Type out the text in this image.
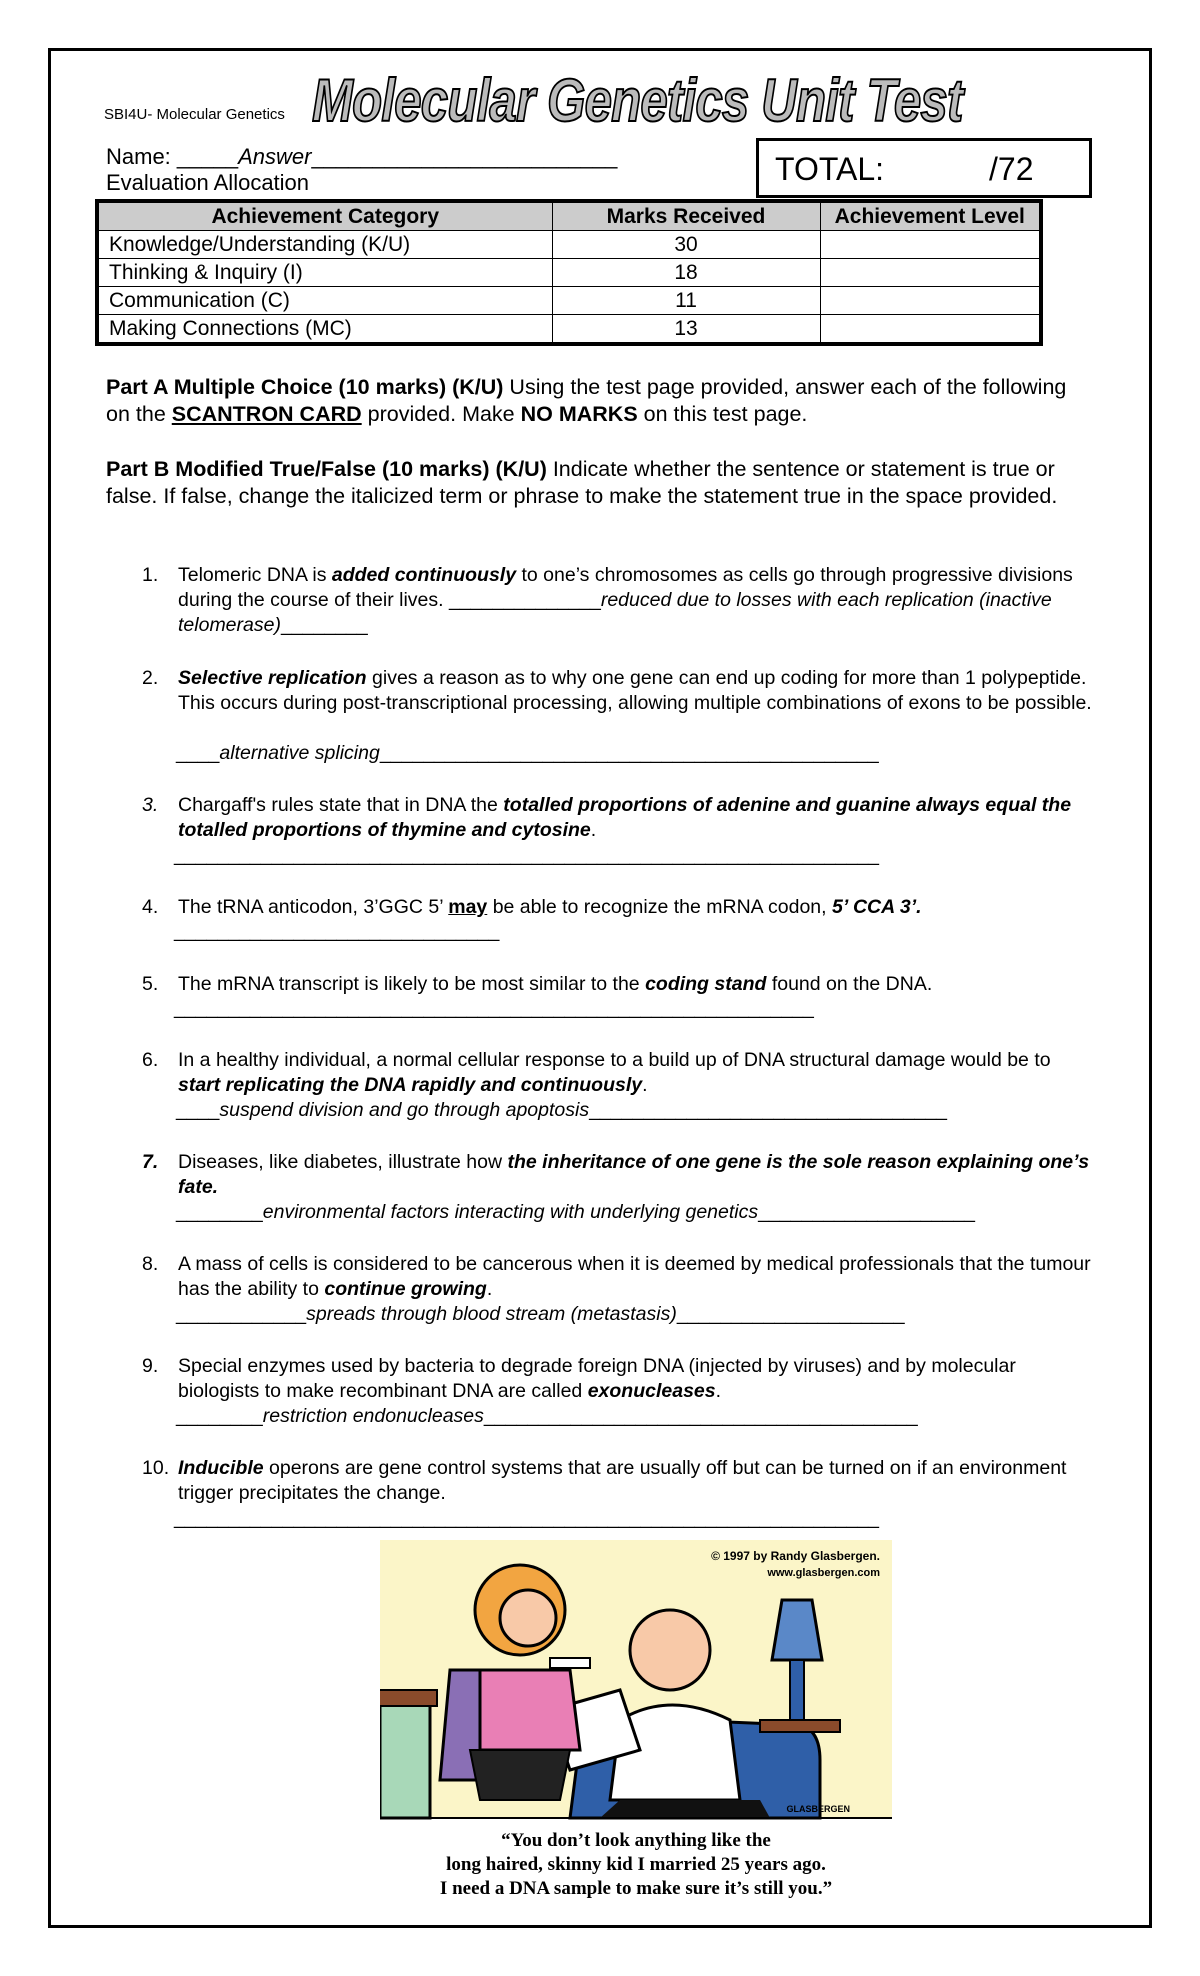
SBI4U- Molecular Genetics Molecular Genetics Unit Test
Name: _____Answer_________________________
Evaluation Allocation	TOTAL:	/72
Achievement Category	Marks Received	Achievement Level
Knowledge/Understanding (K/U)	30	
Thinking & Inquiry (I)	18	
Communication (C)	11	
Making Connections (MC)	13	
Part A Multiple Choice (10 marks) (K/U) Using the test page provided, answer each of the following on the SCANTRON CARD provided. Make NO MARKS on this test page.
Part B Modified True/False (10 marks) (K/U) Indicate whether the sentence or statement is true or false. If false, change the italicized term or phrase to make the statement true in the space provided.
1.	Telomeric DNA is added continuously to one’s chromosomes as cells go through progressive divisions during the course of their lives. ______________reduced due to losses with each replication (inactive telomerase)________
2.	Selective replication gives a reason as to why one gene can end up coding for more than 1 polypeptide. This occurs during post-transcriptional processing, allowing multiple combinations of exons to be possible.
____alternative splicing______________________________________________
3.	Chargaff's rules state that in DNA the totalled proportions of adenine and guanine always equal the totalled proportions of thymine and cytosine.
_________________________________________________________________
4.	The tRNA anticodon, 3’GGC 5’ may be able to recognize the mRNA codon, 5’ CCA 3’.
______________________________
5.	The mRNA transcript is likely to be most similar to the coding stand found on the DNA.
___________________________________________________________
6.	In a healthy individual, a normal cellular response to a build up of DNA structural damage would be to start replicating the DNA rapidly and continuously.
____suspend division and go through apoptosis_________________________________
7.	Diseases, like diabetes, illustrate how the inheritance of one gene is the sole reason explaining one’s fate.
________environmental factors interacting with underlying genetics____________________
8.	A mass of cells is considered to be cancerous when it is deemed by medical professionals that the tumour has the ability to continue growing.
____________spreads through blood stream (metastasis)_____________________
9.	Special enzymes used by bacteria to degrade foreign DNA (injected by viruses) and by molecular biologists to make recombinant DNA are called exonucleases.
________restriction endonucleases________________________________________
10. Inducible operons are gene control systems that are usually off but can be turned on if an environment trigger precipitates the change.
_________________________________________________________________
© 1997 by Randy Glasbergen.
www.glasbergen.com
GLASBERGEN
“You don’t look anything like the
long haired, skinny kid I married 25 years ago.
I need a DNA sample to make sure it’s still you.”
